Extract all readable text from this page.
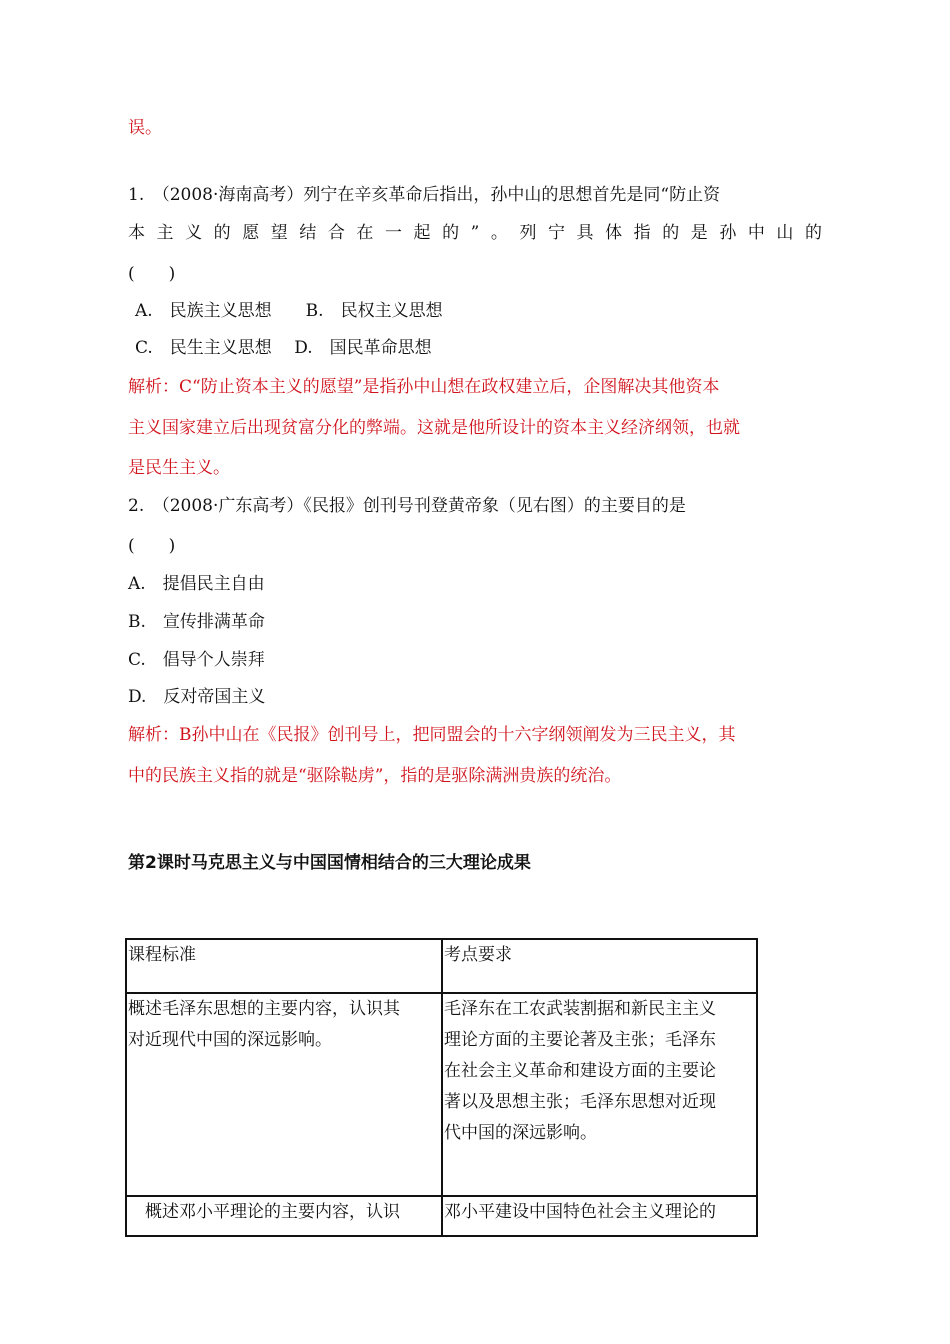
误。
1.　（2008·海南高考）列宁在辛亥革命后指出，孙中山的思想首先是同“防止资
本主义的愿望结合在一起的”。列宁具体指的是孙中山的
(　　)
A.　民族主义思想　　B.　民权主义思想
C.　民生主义思想　 D.　国民革命思想
解析：C“防止资本主义的愿望”是指孙中山想在政权建立后，企图解决其他资本
主义国家建立后出现贫富分化的弊端。这就是他所设计的资本主义经济纲领，也就
是民生主义。
2.　（2008·广东高考）《民报》创刊号刊登黄帝象（见右图）的主要目的是
(　　)
A.　提倡民主自由
B.　宣传排满革命
C.　倡导个人崇拜
D.　反对帝国主义
解析：B孙中山在《民报》创刊号上，把同盟会的十六字纲领阐发为三民主义，其
中的民族主义指的就是“驱除鞑虏”，指的是驱除满洲贵族的统治。
第2课时马克思主义与中国国情相结合的三大理论成果
课程标准	考点要求

概述毛泽东思想的主要内容，认识其
对近现代中国的深远影响。	毛泽东在工农武装割据和新民主主义
理论方面的主要论著及主张；毛泽东
在社会主义革命和建设方面的主要论
著以及思想主张；毛泽东思想对近现
代中国的深远影响。

　概述邓小平理论的主要内容，认识	邓小平建设中国特色社会主义理论的
